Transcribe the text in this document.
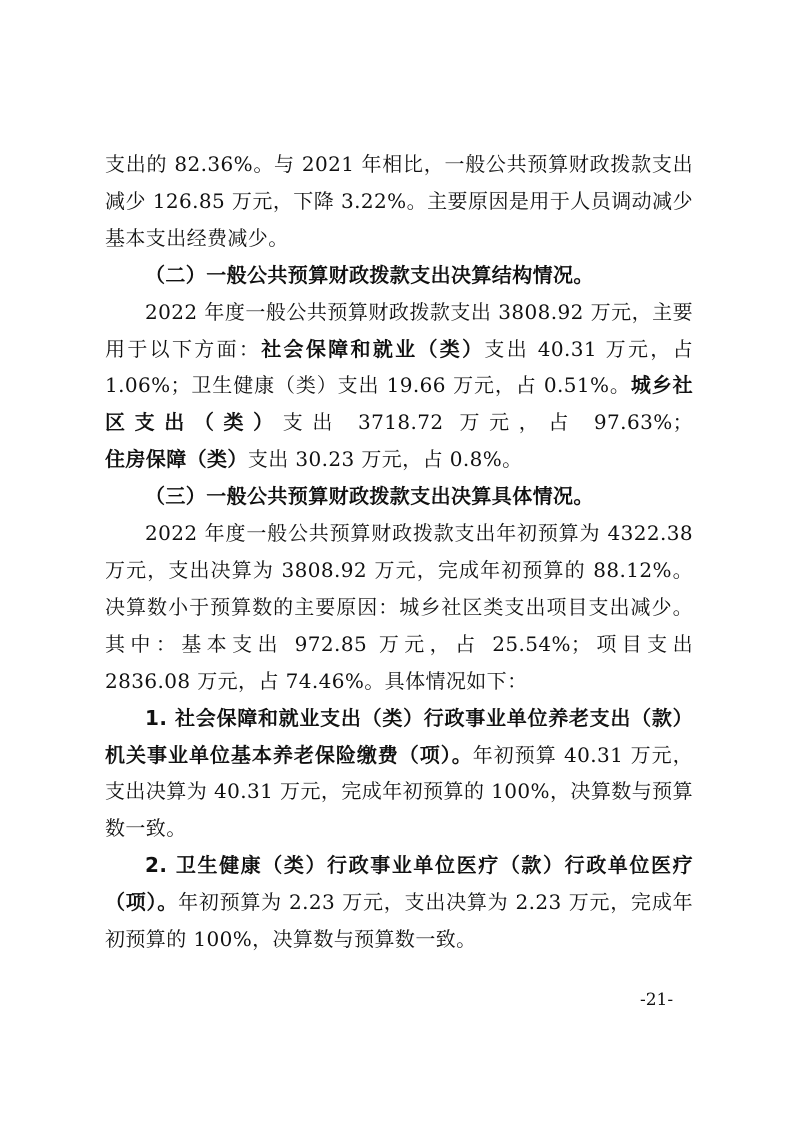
支出的 82.36%。与 2021 年相比，一般公共预算财政拨款支出减少 126.85 万元，下降 3.22%。主要原因是用于人员调动减少基本支出经费减少。

（二）一般公共预算财政拨款支出决算结构情况。

2022 年度一般公共预算财政拨款支出 3808.92 万元，主要用于以下方面：社会保障和就业（类）支出 40.31 万元，占 1.06%；卫生健康（类）支出 19.66 万元，占 0.51%。城乡社区支出（类）支出 3718.72 万元，占 97.63%；住房保障（类）支出 30.23 万元，占 0.8%。

（三）一般公共预算财政拨款支出决算具体情况。

2022 年度一般公共预算财政拨款支出年初预算为 4322.38 万元，支出决算为 3808.92 万元，完成年初预算的 88.12%。决算数小于预算数的主要原因：城乡社区类支出项目支出减少。其中：基本支出 972.85 万元，占 25.54%；项目支出 2836.08 万元，占 74.46%。具体情况如下：

1. 社会保障和就业支出（类）行政事业单位养老支出（款）机关事业单位基本养老保险缴费（项）。年初预算 40.31 万元，支出决算为 40.31 万元，完成年初预算的 100%，决算数与预算数一致。

2. 卫生健康（类）行政事业单位医疗（款）行政单位医疗（项）。年初预算为 2.23 万元，支出决算为 2.23 万元，完成年初预算的 100%，决算数与预算数一致。

-21-
